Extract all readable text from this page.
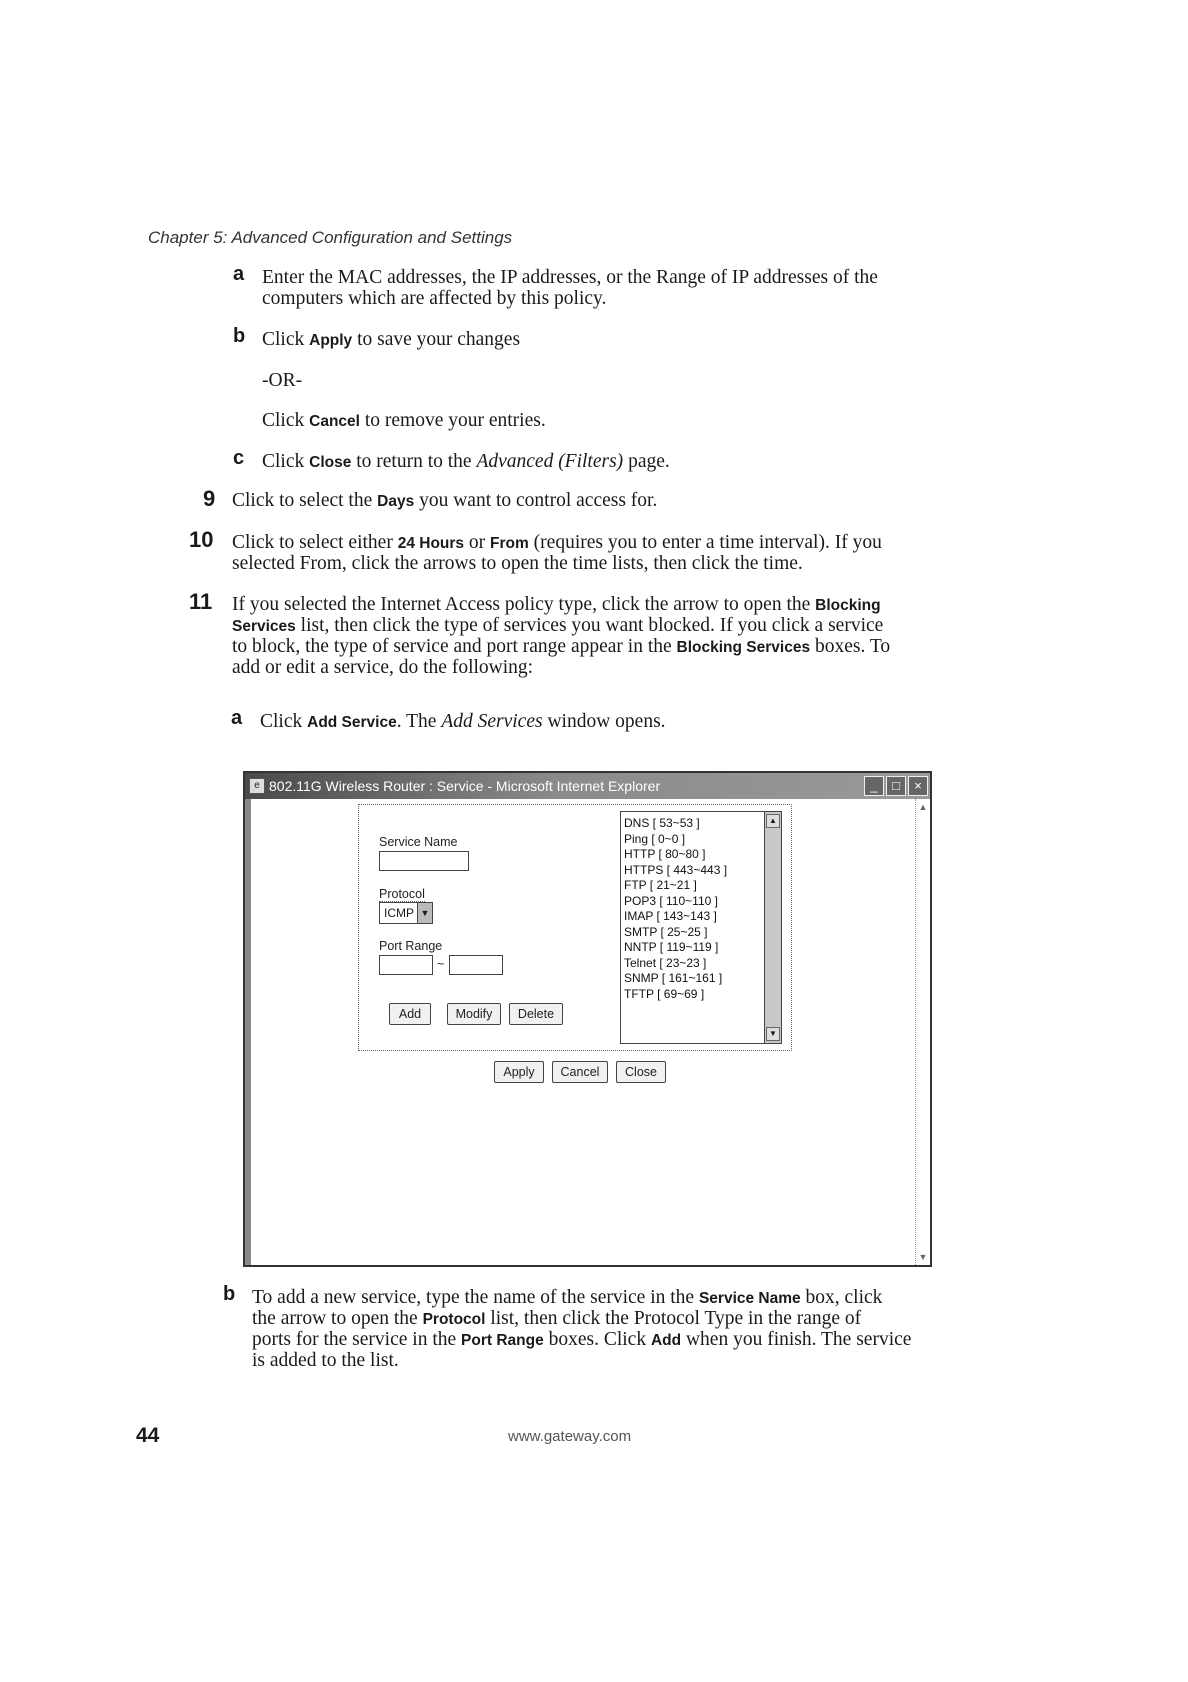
Chapter 5: Advanced Configuration and Settings
a Enter the MAC addresses, the IP addresses, or the Range of IP addresses of the
computers which are affected by this policy.
b Click Apply to save your changes
-OR-
Click Cancel to remove your entries.
c Click Close to return to the Advanced (Filters) page.
9 Click to select the Days you want to control access for.
10 Click to select either 24 Hours or From (requires you to enter a time interval). If you
selected From, click the arrows to open the time lists, then click the time.
11 If you selected the Internet Access policy type, click the arrow to open the Blocking
Services list, then click the type of services you want blocked. If you click a service
to block, the type of service and port range appear in the Blocking Services boxes. To
add or edit a service, do the following:
a Click Add Service. The Add Services window opens.
e 802.11G Wireless Router : Service - Microsoft Internet Explorer	_	□	×
▲
▼
Service Name
Protocol
ICMP ▼
Port Range
~
Add	Modify	Delete
DNS [ 53~53 ]
Ping [ 0~0 ]
HTTP [ 80~80 ]
HTTPS [ 443~443 ]
FTP [ 21~21 ]
POP3 [ 110~110 ]
IMAP [ 143~143 ]
SMTP [ 25~25 ]
NNTP [ 119~119 ]
Telnet [ 23~23 ]
SNMP [ 161~161 ]
TFTP [ 69~69 ]
▲
▼
Apply	Cancel	Close
b To add a new service, type the name of the service in the Service Name box, click
the arrow to open the Protocol list, then click the Protocol Type in the range of
ports for the service in the Port Range boxes. Click Add when you finish. The service
is added to the list.
44	www.gateway.com
